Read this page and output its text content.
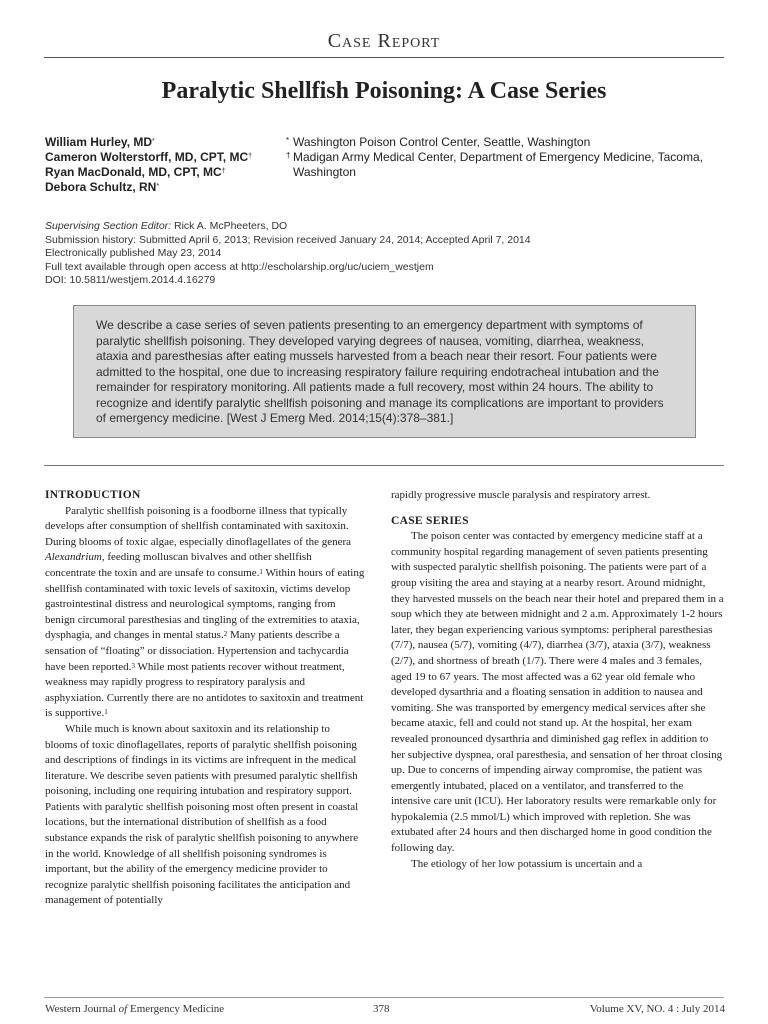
Case Report
Paralytic Shellfish Poisoning: A Case Series
William Hurley, MD*
Cameron Wolterstorff, MD, CPT, MC†
Ryan MacDonald, MD, CPT, MC†
Debora Schultz, RN*
* Washington Poison Control Center, Seattle, Washington
† Madigan Army Medical Center, Department of Emergency Medicine, Tacoma, Washington
Supervising Section Editor: Rick A. McPheeters, DO
Submission history: Submitted April 6, 2013; Revision received January 24, 2014; Accepted April 7, 2014
Electronically published May 23, 2014
Full text available through open access at http://escholarship.org/uc/uciem_westjem
DOI: 10.5811/westjem.2014.4.16279

We describe a case series of seven patients presenting to an emergency department with symptoms of paralytic shellfish poisoning. They developed varying degrees of nausea, vomiting, diarrhea, weakness, ataxia and paresthesias after eating mussels harvested from a beach near their resort. Four patients were admitted to the hospital, one due to increasing respiratory failure requiring endotracheal intubation and the remainder for respiratory monitoring. All patients made a full recovery, most within 24 hours. The ability to recognize and identify paralytic shellfish poisoning and manage its complications are important to providers of emergency medicine. [West J Emerg Med. 2014;15(4):378–381.]

INTRODUCTION

Paralytic shellfish poisoning is a foodborne illness that typically develops after consumption of shellfish contaminated with saxitoxin. During blooms of toxic algae, especially dinoflagellates of the genera Alexandrium, feeding molluscan bivalves and other shellfish concentrate the toxin and are unsafe to consume.$^1$ Within hours of eating shellfish contaminated with toxic levels of saxitoxin, victims develop gastrointestinal distress and neurological symptoms, ranging from benign circumoral paresthesias and tingling of the extremities to ataxia, dysphagia, and changes in mental status.$^2$ Many patients describe a sensation of “floating” or dissociation. Hypertension and tachycardia have been reported.$^3$ While most patients recover without treatment, weakness may rapidly progress to respiratory paralysis and asphyxiation. Currently there are no antidotes to saxitoxin and treatment is supportive.$^1$

While much is known about saxitoxin and its relationship to blooms of toxic dinoflagellates, reports of paralytic shellfish poisoning and descriptions of findings in its victims are infrequent in the medical literature. We describe seven patients with presumed paralytic shellfish poisoning, including one requiring intubation and respiratory support. Patients with paralytic shellfish poisoning most often present in coastal locations, but the international distribution of shellfish as a food substance expands the risk of paralytic shellfish poisoning to anywhere in the world. Knowledge of all shellfish poisoning syndromes is important, but the ability of the emergency medicine provider to recognize paralytic shellfish poisoning facilitates the anticipation and management of potentially

rapidly progressive muscle paralysis and respiratory arrest.

CASE SERIES

The poison center was contacted by emergency medicine staff at a community hospital regarding management of seven patients presenting with suspected paralytic shellfish poisoning. The patients were part of a group visiting the area and staying at a nearby resort. Around midnight, they harvested mussels on the beach near their hotel and prepared them in a soup which they ate between midnight and 2 a.m. Approximately 1-2 hours later, they began experiencing various symptoms: peripheral paresthesias (7/7), nausea (5/7), vomiting (4/7), diarrhea (3/7), ataxia (3/7), weakness (2/7), and shortness of breath (1/7). There were 4 males and 3 females, aged 19 to 67 years. The most affected was a 62 year old female who developed dysarthria and a floating sensation in addition to nausea and vomiting. She was transported by emergency medical services after she became ataxic, fell and could not stand up. At the hospital, her exam revealed pronounced dysarthria and diminished gag reflex in addition to her subjective dyspnea, oral paresthesia, and sensation of her throat closing up. Due to concerns of impending airway compromise, the patient was emergently intubated, placed on a ventilator, and transferred to the intensive care unit (ICU). Her laboratory results were remarkable only for hypokalemia (2.5 mmol/L) which improved with repletion. She was extubated after 24 hours and then discharged home in good condition the following day.

The etiology of her low potassium is uncertain and a

Western Journal of Emergency Medicine	378	Volume XV, NO. 4 : July 2014
